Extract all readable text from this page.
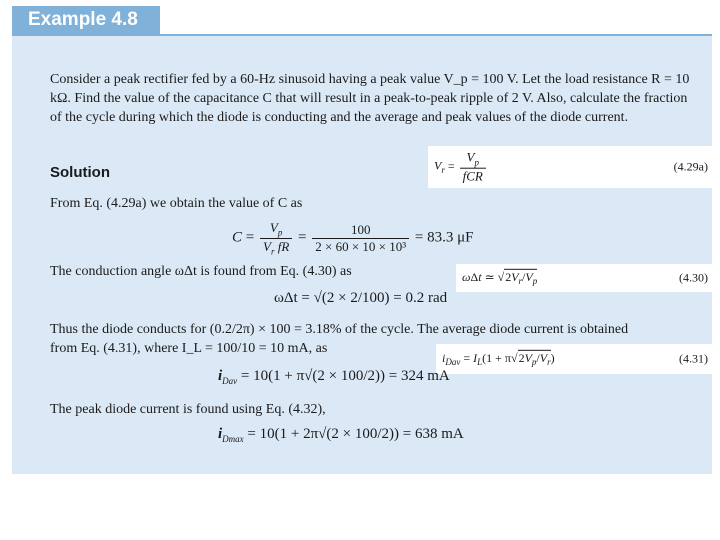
Example 4.8

Consider a peak rectifier fed by a 60-Hz sinusoid having a peak value V_p = 100 V. Let the load resistance R = 10 kΩ. Find the value of the capacitance C that will result in a peak-to-peak ripple of 2 V. Also, calculate the fraction of the cycle during which the diode is conducting and the average and peak values of the diode current.

Solution	$V_r = \frac{V_p}{\text{fCR}}$	(4.29a)

From Eq. (4.29a) we obtain the value of C as

$C = \frac{V_p}{V_r fR} = \frac{100}{\text{2 × 60 × 10 × 10³}} = 83.3$ μF

The conduction angle ωΔt is found from Eq. (4.30) as	ωΔt ≃ $√2V_r/V_p$	(4.30)
ωΔt = √(2 × 2/100) = 0.2 rad

Thus the diode conducts for (0.2/2π) × 100 = 3.18% of the cycle. The average diode current is obtained

from Eq. (4.31), where I_L = 100/10 = 10 mA, as

$i_{Dav} = I_L(1 + \pi√2V_p/V_r)$	(4.31)
$i_{Dav} = 10(1 + \pi√(2 \times 100/2)) = 324$ mA

The peak diode current is found using Eq. (4.32),

$i_{Dmax} = 10(1 + 2\pi√(2 \times 100/2)) = 638$ mA
